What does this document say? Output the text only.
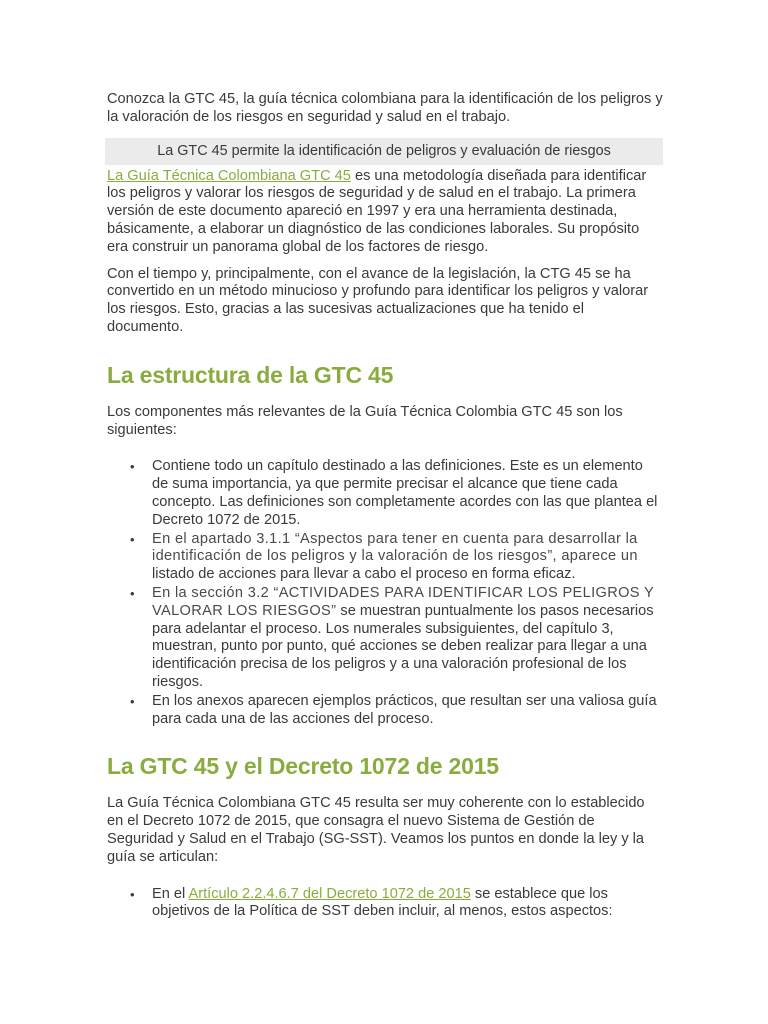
Conozca la GTC 45, la guía técnica colombiana para la identificación de los peligros y la valoración de los riesgos en seguridad y salud en el trabajo.

La GTC 45 permite la identificación de peligros y evaluación de riesgos

La Guía Técnica Colombiana GTC 45 es una metodología diseñada para identificar los peligros y valorar los riesgos de seguridad y de salud en el trabajo. La primera versión de este documento apareció en 1997 y era una herramienta destinada, básicamente, a elaborar un diagnóstico de las condiciones laborales. Su propósito era construir un panorama global de los factores de riesgo.

Con el tiempo y, principalmente, con el avance de la legislación, la CTG 45 se ha convertido en un método minucioso y profundo para identificar los peligros y valorar los riesgos. Esto, gracias a las sucesivas actualizaciones que ha tenido el documento.

La estructura de la GTC 45

Los componentes más relevantes de la Guía Técnica Colombia GTC 45 son los siguientes:

• Contiene todo un capítulo destinado a las definiciones. Este es un elemento de suma importancia, ya que permite precisar el alcance que tiene cada concepto. Las definiciones son completamente acordes con las que plantea el Decreto 1072 de 2015.
• En el apartado 3.1.1 “Aspectos para tener en cuenta para desarrollar la identificación de los peligros y la valoración de los riesgos”, aparece un listado de acciones para llevar a cabo el proceso en forma eficaz.
• En la sección 3.2 “ACTIVIDADES PARA IDENTIFICAR LOS PELIGROS Y VALORAR LOS RIESGOS” se muestran puntualmente los pasos necesarios para adelantar el proceso. Los numerales subsiguientes, del capítulo 3, muestran, punto por punto, qué acciones se deben realizar para llegar a una identificación precisa de los peligros y a una valoración profesional de los riesgos.
• En los anexos aparecen ejemplos prácticos, que resultan ser una valiosa guía para cada una de las acciones del proceso.
La GTC 45 y el Decreto 1072 de 2015

La Guía Técnica Colombiana GTC 45 resulta ser muy coherente con lo establecido en el Decreto 1072 de 2015, que consagra el nuevo Sistema de Gestión de Seguridad y Salud en el Trabajo (SG-SST). Veamos los puntos en donde la ley y la guía se articulan:

• En el Artículo 2.2.4.6.7 del Decreto 1072 de 2015 se establece que los objetivos de la Política de SST deben incluir, al menos, estos aspectos:
